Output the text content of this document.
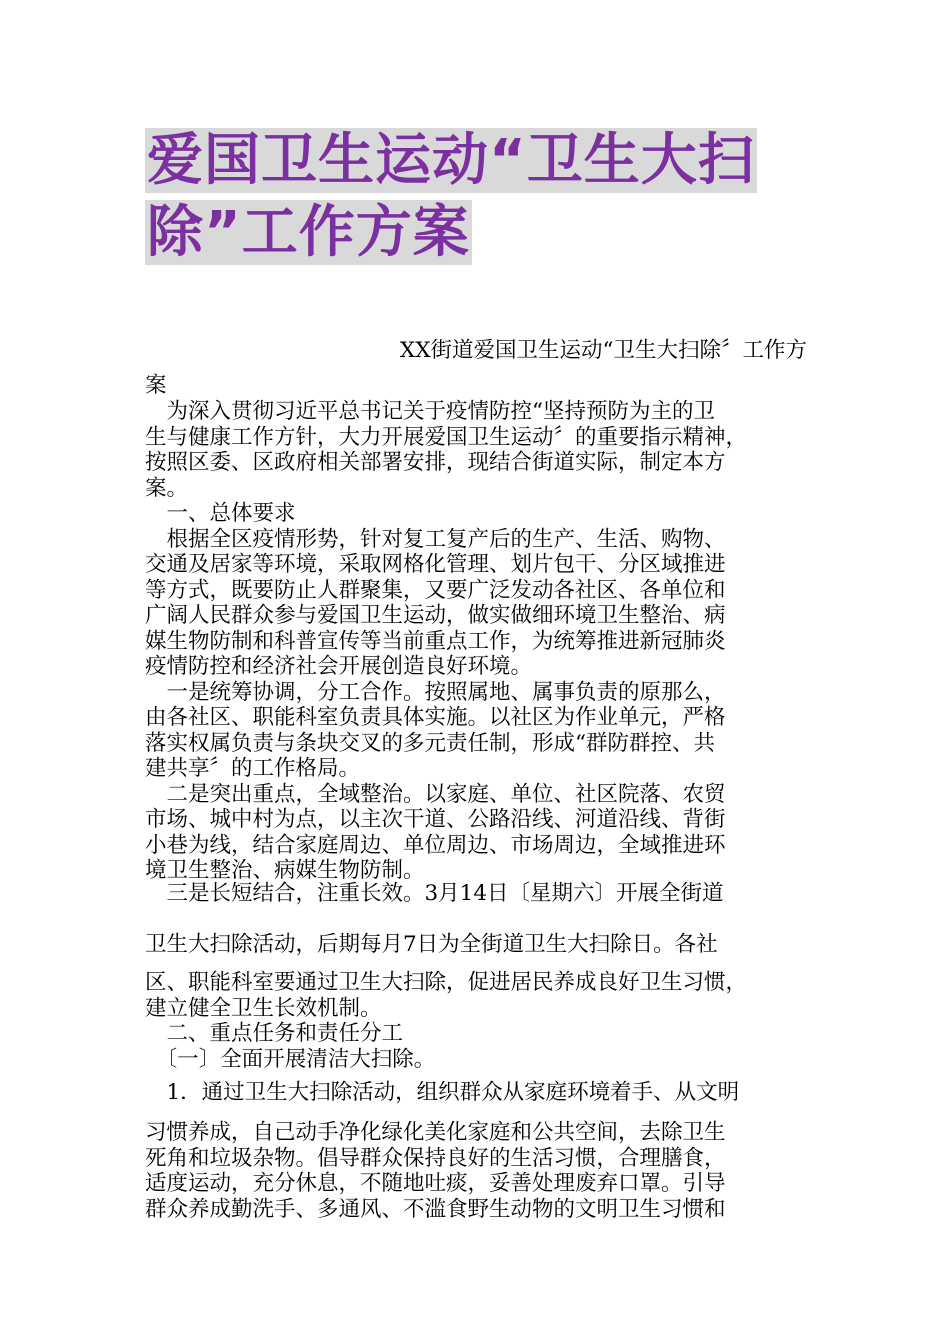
爱国卫生运动“卫生大扫
除”工作方案
XX街道爱国卫生运动“卫生大扫除〞工作方
案

　为深入贯彻习近平总书记关于疫情防控“坚持预防为主的卫
生与健康工作方针，大力开展爱国卫生运动〞的重要指示精神，
按照区委、区政府相关部署安排，现结合街道实际，制定本方
案。
　一、总体要求
　根据全区疫情形势，针对复工复产后的生产、生活、购物、
交通及居家等环境，采取网格化管理、划片包干、分区域推进
等方式，既要防止人群聚集，又要广泛发动各社区、各单位和
广阔人民群众参与爱国卫生运动，做实做细环境卫生整治、病
媒生物防制和科普宣传等当前重点工作，为统筹推进新冠肺炎
疫情防控和经济社会开展创造良好环境。
　一是统筹协调，分工合作。按照属地、属事负责的原那么，
由各社区、职能科室负责具体实施。以社区为作业单元，严格
落实权属负责与条块交叉的多元责任制，形成“群防群控、共
建共享〞的工作格局。
　二是突出重点，全域整治。以家庭、单位、社区院落、农贸
市场、城中村为点，以主次干道、公路沿线、河道沿线、背街
小巷为线，结合家庭周边、单位周边、市场周边，全域推进环
境卫生整治、病媒生物防制。

　三是长短结合，注重长效。3月14日〔星期六〕开展全街道

卫生大扫除活动，后期每月7日为全街道卫生大扫除日。各社

区、职能科室要通过卫生大扫除，促进居民养成良好卫生习惯，
建立健全卫生长效机制。
　二、重点任务和责任分工
　〔一〕全面开展清洁大扫除。

　1．通过卫生大扫除活动，组织群众从家庭环境着手、从文明

习惯养成，自己动手净化绿化美化家庭和公共空间，去除卫生
死角和垃圾杂物。倡导群众保持良好的生活习惯，合理膳食，
适度运动，充分休息，不随地吐痰，妥善处理废弃口罩。引导
群众养成勤洗手、多通风、不滥食野生动物的文明卫生习惯和
